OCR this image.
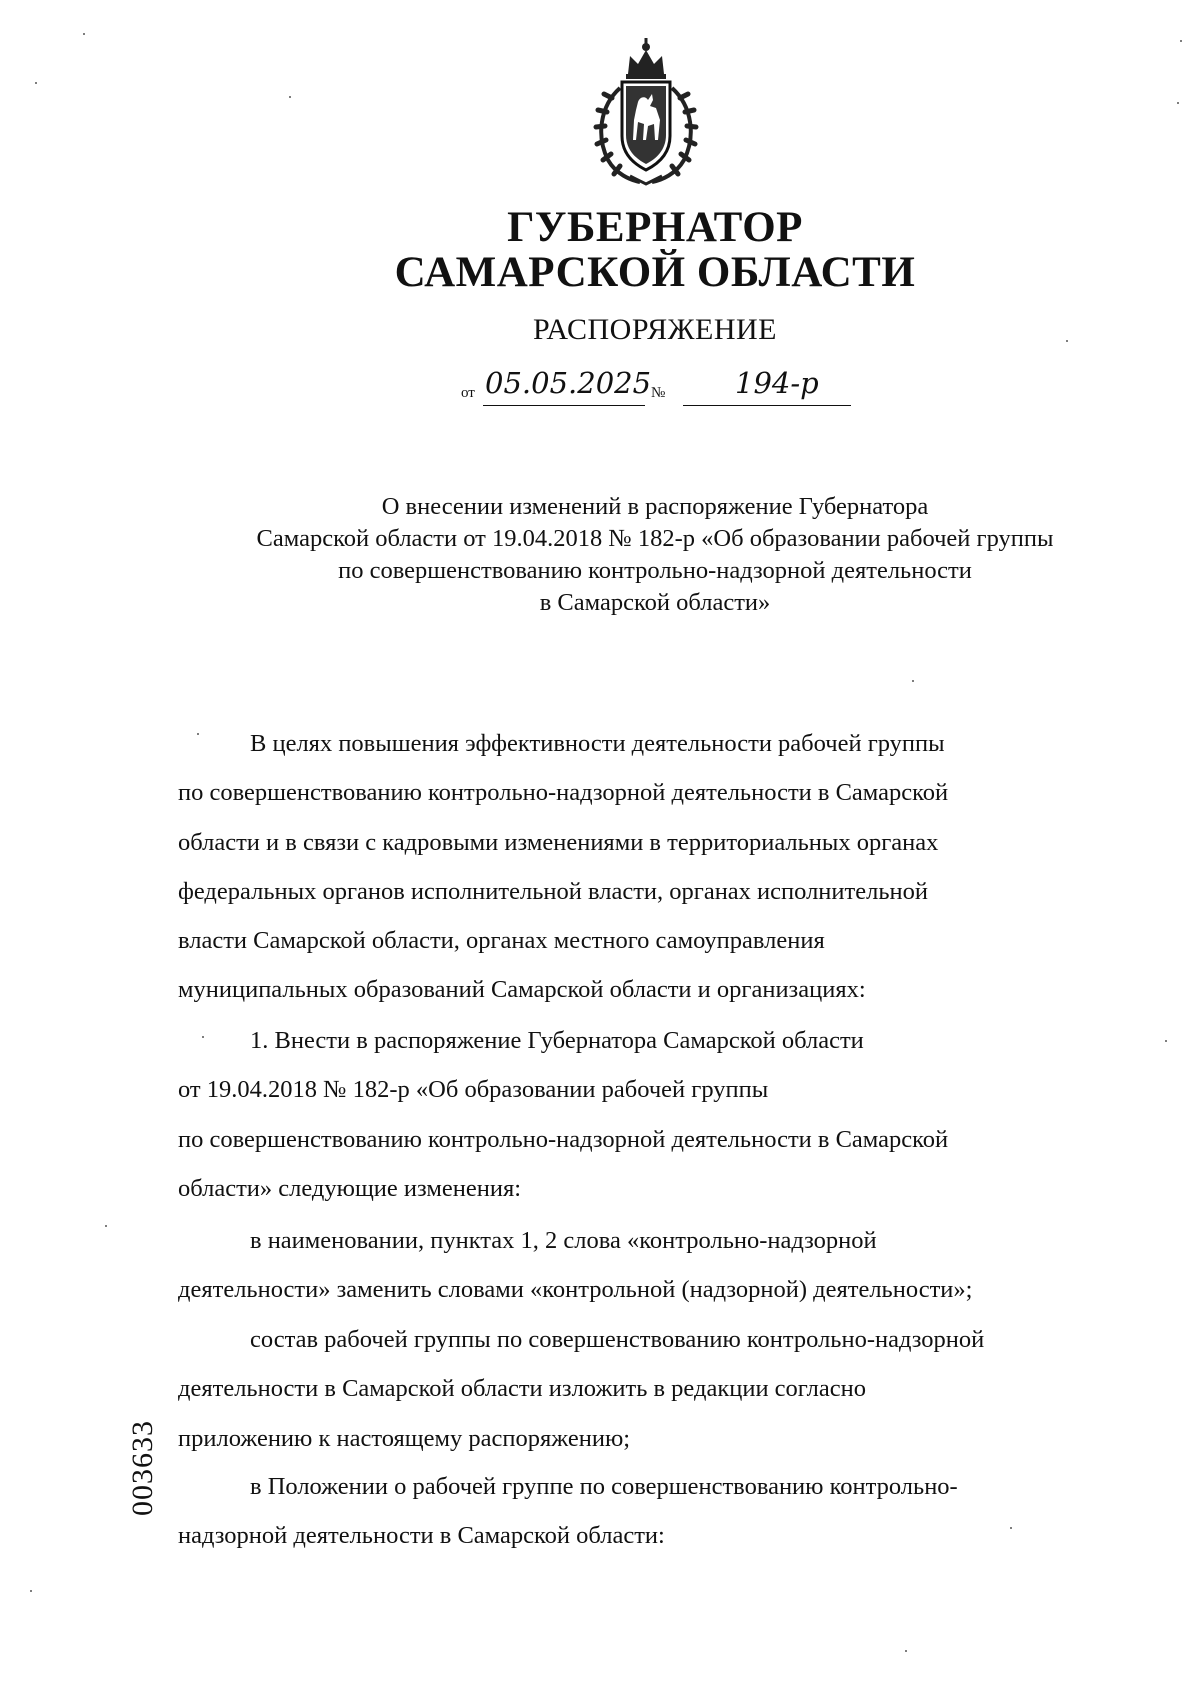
ГУБЕРНАТОР
САМАРСКОЙ ОБЛАСТИ
РАСПОРЯЖЕНИЕ
от 05.05.2025 № 194-р
О внесении изменений в распоряжение Губернатора
Самарской области от 19.04.2018 № 182-р «Об образовании рабочей группы
по совершенствованию контрольно-надзорной деятельности
в Самарской области»

В целях повышения эффективности деятельности рабочей группы

по совершенствованию контрольно-надзорной деятельности в Самарской

области и в связи с кадровыми изменениями в территориальных органах

федеральных органов исполнительной власти, органах исполнительной

власти Самарской области, органах местного самоуправления

муниципальных образований Самарской области и организациях:

1. Внести в распоряжение Губернатора Самарской области

от 19.04.2018 № 182-р «Об образовании рабочей группы

по совершенствованию контрольно-надзорной деятельности в Самарской

области» следующие изменения:

в наименовании, пунктах 1, 2 слова «контрольно-надзорной

деятельности» заменить словами «контрольной (надзорной) деятельности»;

состав рабочей группы по совершенствованию контрольно-надзорной

деятельности в Самарской области изложить в редакции согласно

приложению к настоящему распоряжению;

в Положении о рабочей группе по совершенствованию контрольно-

надзорной деятельности в Самарской области:

003633
